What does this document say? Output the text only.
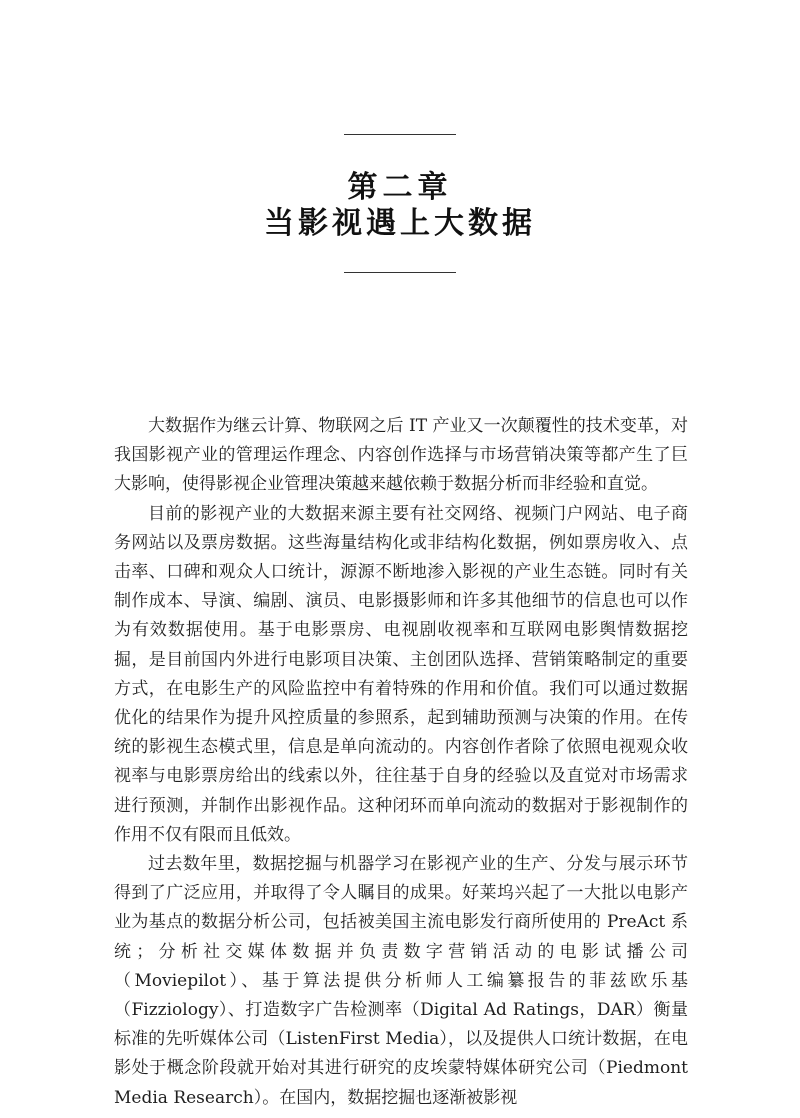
第二章
当影视遇上大数据

大数据作为继云计算、物联网之后 IT 产业又一次颠覆性的技术变革，对我国影视产业的管理运作理念、内容创作选择与市场营销决策等都产生了巨大影响，使得影视企业管理决策越来越依赖于数据分析而非经验和直觉。

目前的影视产业的大数据来源主要有社交网络、视频门户网站、电子商务网站以及票房数据。这些海量结构化或非结构化数据，例如票房收入、点击率、口碑和观众人口统计，源源不断地渗入影视的产业生态链。同时有关制作成本、导演、编剧、演员、电影摄影师和许多其他细节的信息也可以作为有效数据使用。基于电影票房、电视剧收视率和互联网电影舆情数据挖掘，是目前国内外进行电影项目决策、主创团队选择、营销策略制定的重要方式，在电影生产的风险监控中有着特殊的作用和价值。我们可以通过数据优化的结果作为提升风控质量的参照系，起到辅助预测与决策的作用。在传统的影视生态模式里，信息是单向流动的。内容创作者除了依照电视观众收视率与电影票房给出的线索以外，往往基于自身的经验以及直觉对市场需求进行预测，并制作出影视作品。这种闭环而单向流动的数据对于影视制作的作用不仅有限而且低效。

过去数年里，数据挖掘与机器学习在影视产业的生产、分发与展示环节得到了广泛应用，并取得了令人瞩目的成果。好莱坞兴起了一大批以电影产业为基点的数据分析公司，包括被美国主流电影发行商所使用的 PreAct 系统；分析社交媒体数据并负责数字营销活动的电影试播公司（Moviepilot）、基于算法提供分析师人工编纂报告的菲兹欧乐基（Fizziology）、打造数字广告检测率（Digital Ad Ratings，DAR）衡量标准的先听媒体公司（ListenFirst Media），以及提供人口统计数据，在电影处于概念阶段就开始对其进行研究的皮埃蒙特媒体研究公司（Piedmont Media Research）。在国内，数据挖掘也逐渐被影视
